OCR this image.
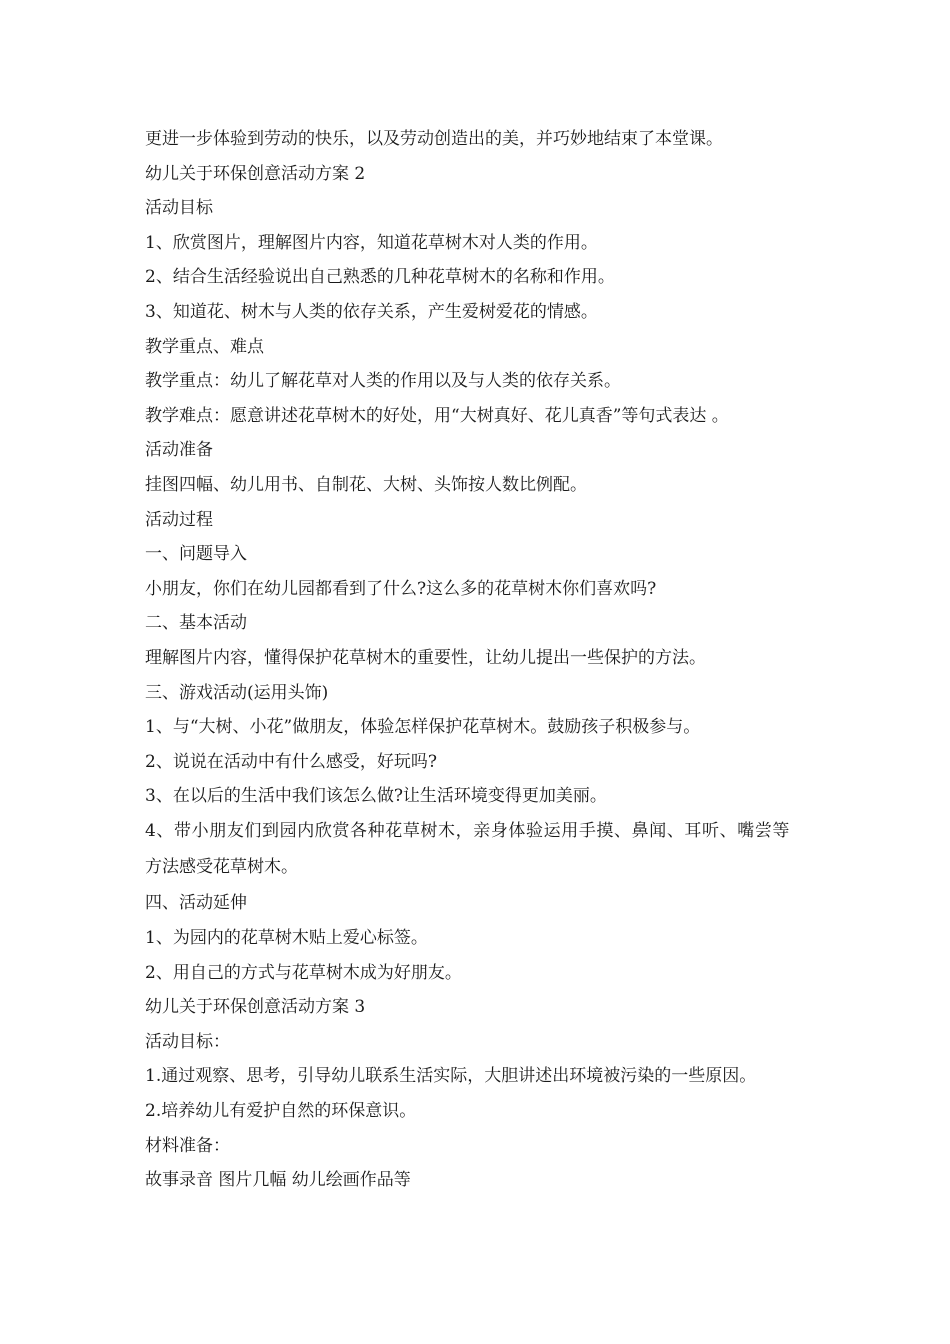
更进一步体验到劳动的快乐，以及劳动创造出的美，并巧妙地结束了本堂课。

幼儿关于环保创意活动方案 2

活动目标

1、欣赏图片，理解图片内容，知道花草树木对人类的作用。

2、结合生活经验说出自己熟悉的几种花草树木的名称和作用。

3、知道花、树木与人类的依存关系，产生爱树爱花的情感。

教学重点、难点

教学重点：幼儿了解花草对人类的作用以及与人类的依存关系。

教学难点：愿意讲述花草树木的好处，用“大树真好、花儿真香”等句式表达 。

活动准备

挂图四幅、幼儿用书、自制花、大树、头饰按人数比例配。

活动过程

一、问题导入

小朋友，你们在幼儿园都看到了什么?这么多的花草树木你们喜欢吗?

二、基本活动

理解图片内容，懂得保护花草树木的重要性，让幼儿提出一些保护的方法。

三、游戏活动(运用头饰)

1、与“大树、小花”做朋友，体验怎样保护花草树木。鼓励孩子积极参与。

2、说说在活动中有什么感受，好玩吗?

3、在以后的生活中我们该怎么做?让生活环境变得更加美丽。

4、带小朋友们到园内欣赏各种花草树木，亲身体验运用手摸、鼻闻、耳听、嘴尝等

方法感受花草树木。

四、活动延伸

1、为园内的花草树木贴上爱心标签。

2、用自己的方式与花草树木成为好朋友。

幼儿关于环保创意活动方案 3

活动目标：

1.通过观察、思考，引导幼儿联系生活实际，大胆讲述出环境被污染的一些原因。

2.培养幼儿有爱护自然的环保意识。

材料准备：

故事录音 图片几幅 幼儿绘画作品等
